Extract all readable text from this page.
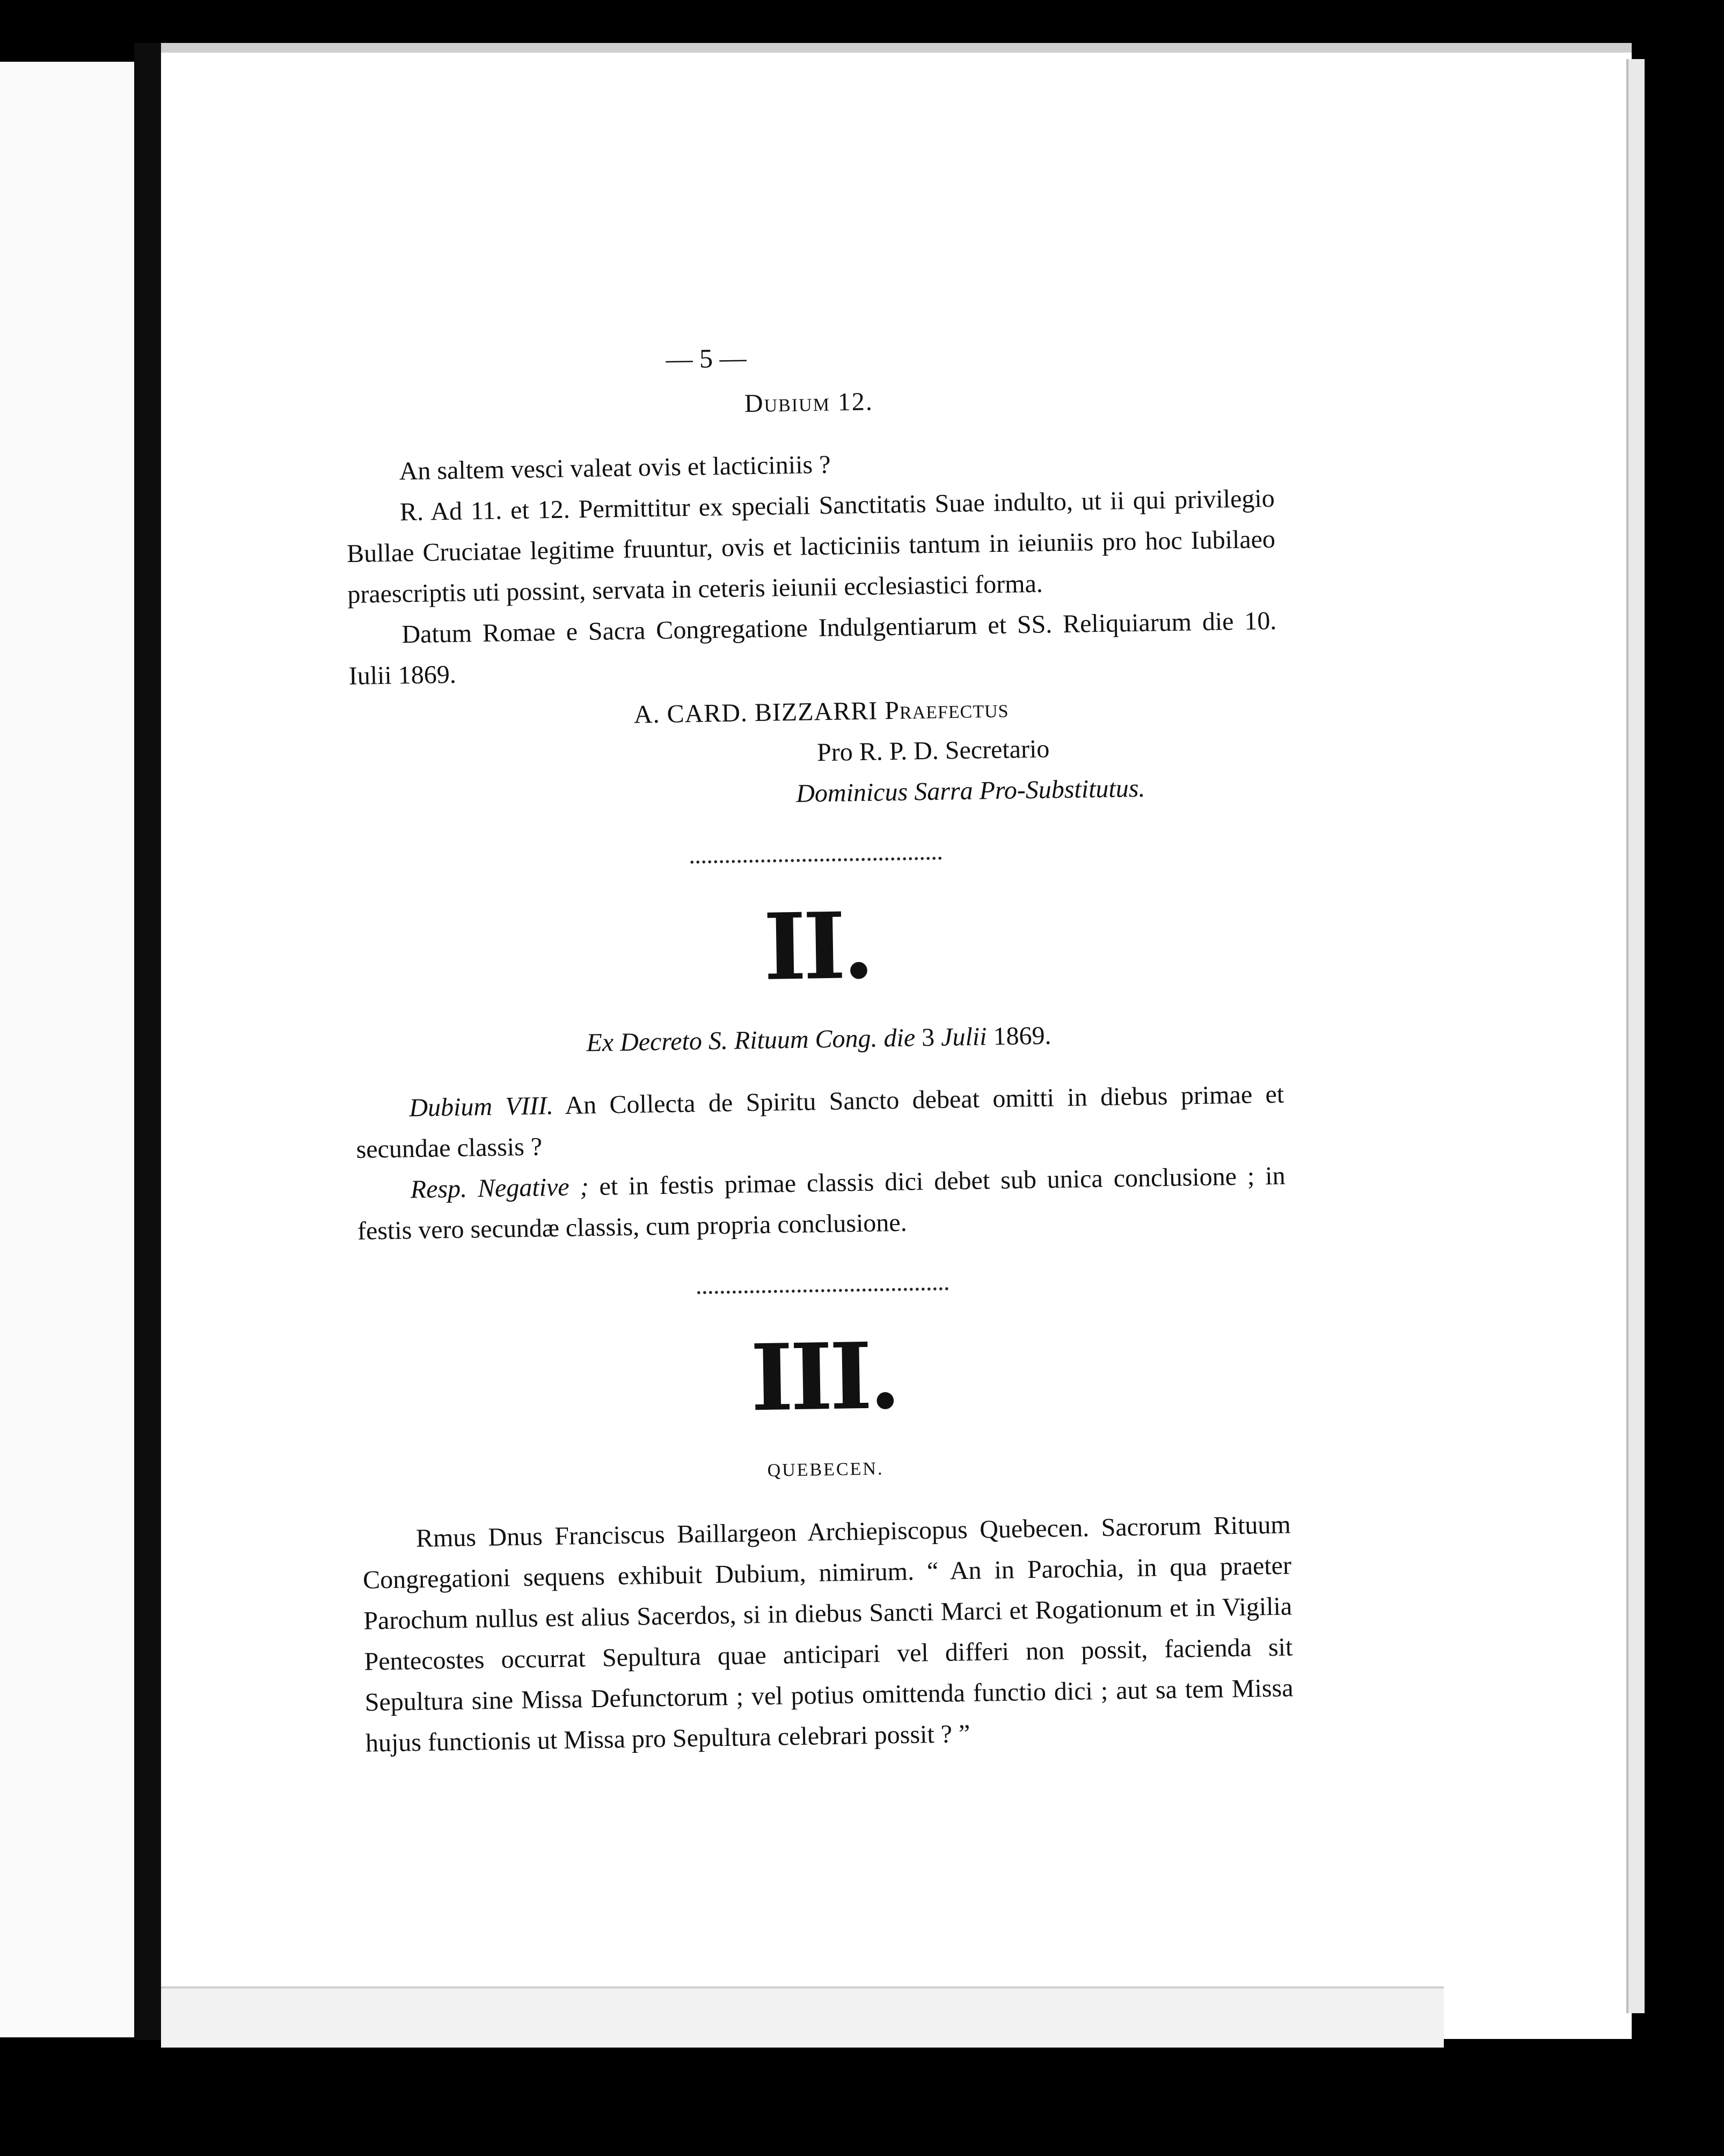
— 5 —
Dubium 12.

An saltem vesci valeat ovis et lacticiniis ?

R. Ad 11. et 12. Permittitur ex speciali Sanctitatis Suae indulto, ut ii qui privilegio Bullae Cruciatae legitime fruuntur, ovis et lacticiniis tantum in ieiuniis pro hoc Iubilaeo praescriptis uti possint, servata in ceteris ieiunii ecclesiastici forma.

Datum Romae e Sacra Congregatione Indulgentiarum et SS. Reliquiarum die 10. Iulii 1869.

A. CARD. BIZZARRI Praefectus
Pro R. P. D. Secretario
Dominicus Sarra Pro-Substitutus.
II.
Ex Decreto S. Rituum Cong. die 3 Julii 1869.

Dubium VIII. An Collecta de Spiritu Sancto debeat omitti in diebus primae et secundae classis ?

Resp. Negative ; et in festis primae classis dici debet sub unica conclusione ; in festis vero secundæ classis, cum propria conclusione.

III.
QUEBECEN.

Rmus Dnus Franciscus Baillargeon Archiepiscopus Quebecen. Sacrorum Rituum Congregationi sequens exhibuit Dubium, nimirum. “ An in Parochia, in qua praeter Parochum nullus est alius Sacerdos, si in diebus Sancti Marci et Rogationum et in Vigilia Pentecostes occurrat Sepultura quae anticipari vel differi non possit, facienda sit Sepultura sine Missa Defunctorum ; vel potius omittenda functio dici ; aut sa tem Missa hujus functionis ut Missa pro Sepultura celebrari possit ? ”
